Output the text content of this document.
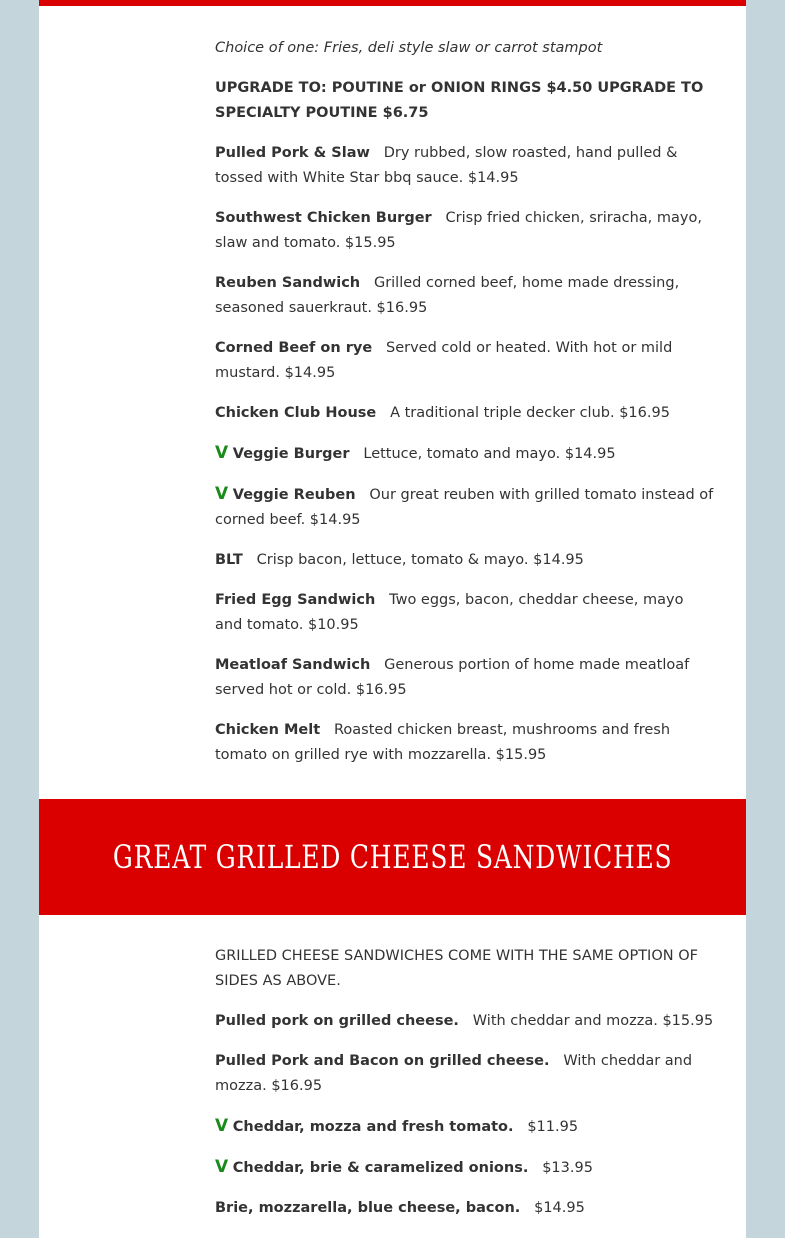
Choice of one: Fries, deli style slaw or carrot stampot

UPGRADE TO: POUTINE or ONION RINGS $4.50 UPGRADE TO SPECIALTY POUTINE $6.75

Pulled Pork & Slaw Dry rubbed, slow roasted, hand pulled & tossed with White Star bbq sauce. $14.95

Southwest Chicken Burger Crisp fried chicken, sriracha, mayo, slaw and tomato. $15.95

Reuben Sandwich Grilled corned beef, home made dressing, seasoned sauerkraut. $16.95

Corned Beef on rye Served cold or heated. With hot or mild mustard. $14.95

Chicken Club House A traditional triple decker club. $16.95

V Veggie Burger Lettuce, tomato and mayo. $14.95

V Veggie Reuben Our great reuben with grilled tomato instead of corned beef. $14.95

BLT Crisp bacon, lettuce, tomato & mayo. $14.95

Fried Egg Sandwich Two eggs, bacon, cheddar cheese, mayo and tomato. $10.95

Meatloaf Sandwich Generous portion of home made meatloaf served hot or cold. $16.95

Chicken Melt Roasted chicken breast, mushrooms and fresh tomato on grilled rye with mozzarella. $15.95

GREAT GRILLED CHEESE SANDWICHES

GRILLED CHEESE SANDWICHES COME WITH THE SAME OPTION OF SIDES AS ABOVE.

Pulled pork on grilled cheese. With cheddar and mozza. $15.95

Pulled Pork and Bacon on grilled cheese. With cheddar and mozza. $16.95

V Cheddar, mozza and fresh tomato. $11.95

V Cheddar, brie & caramelized onions. $13.95

Brie, mozzarella, blue cheese, bacon. $14.95
